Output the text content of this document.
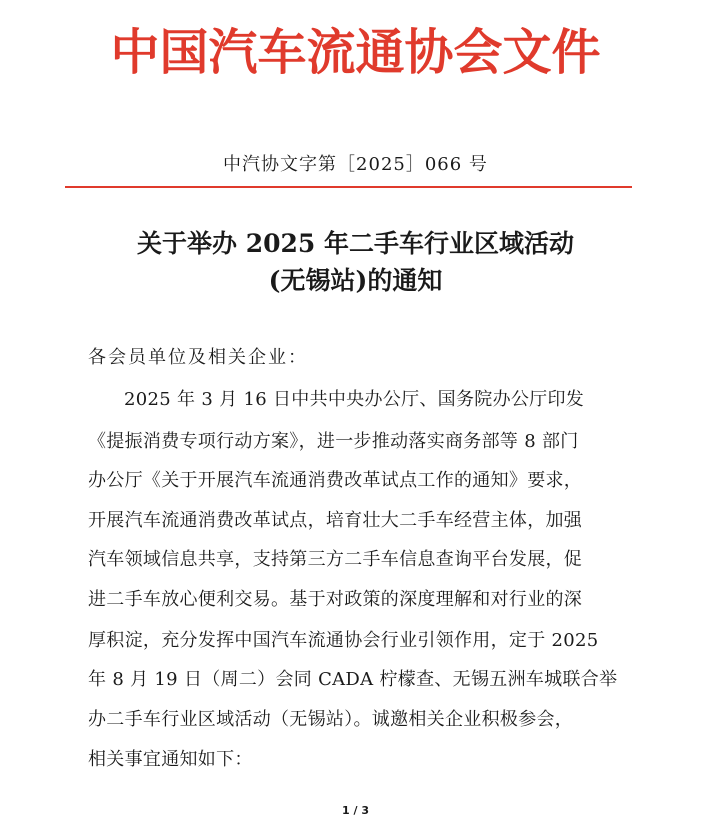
中国汽车流通协会文件
中汽协文字第［2025］066 号
关于举办 2025 年二手车行业区域活动
(无锡站)的通知
各会员单位及相关企业：
2025 年 3 月 16 日中共中央办公厅、国务院办公厅印发
《提振消费专项行动方案》，进一步推动落实商务部等 8 部门
办公厅《关于开展汽车流通消费改革试点工作的通知》要求，
开展汽车流通消费改革试点，培育壮大二手车经营主体，加强
汽车领域信息共享，支持第三方二手车信息查询平台发展，促
进二手车放心便利交易。基于对政策的深度理解和对行业的深
厚积淀，充分发挥中国汽车流通协会行业引领作用，定于 2025
年 8 月 19 日（周二）会同 CADA 柠檬查、无锡五洲车城联合举
办二手车行业区域活动（无锡站）。诚邀相关企业积极参会，
相关事宜通知如下：
1 / 3
